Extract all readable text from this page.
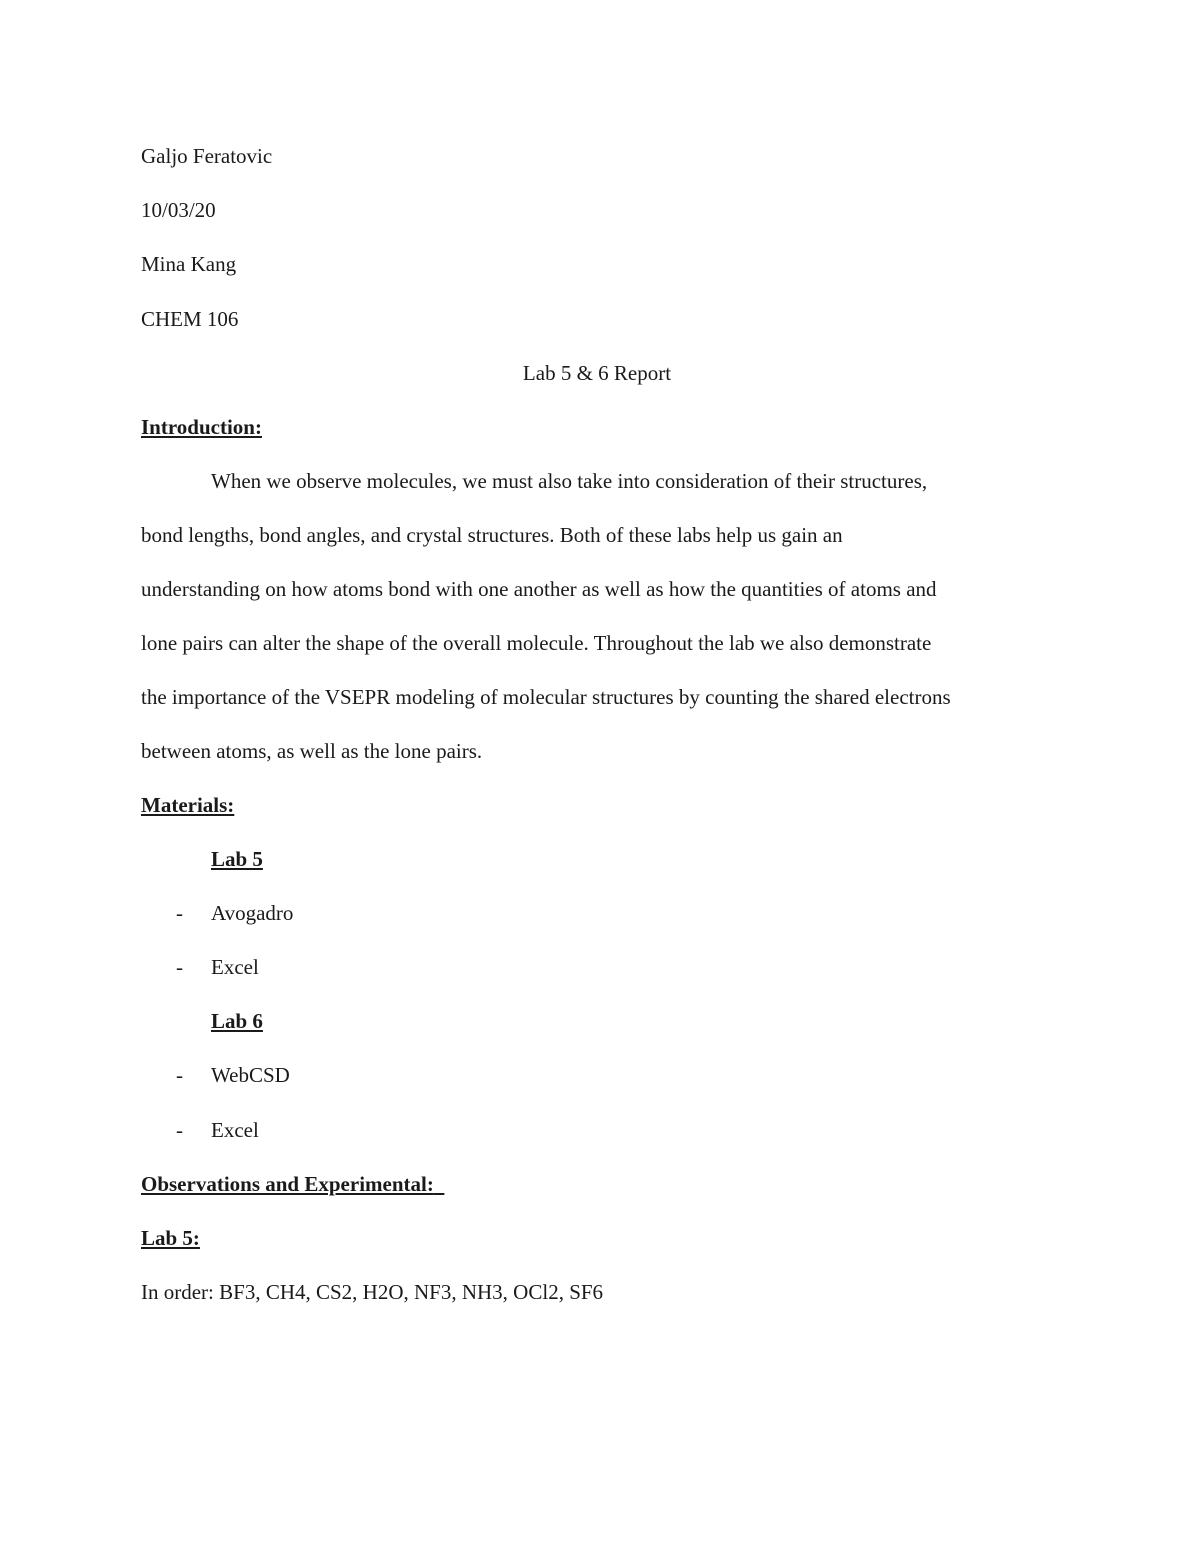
Galjo Feratovic
10/03/20
Mina Kang
CHEM 106
Lab 5 & 6 Report
Introduction:
When we observe molecules, we must also take into consideration of their structures,
bond lengths, bond angles, and crystal structures. Both of these labs help us gain an
understanding on how atoms bond with one another as well as how the quantities of atoms and
lone pairs can alter the shape of the overall molecule. Throughout the lab we also demonstrate
the importance of the VSEPR modeling of molecular structures by counting the shared electrons
between atoms, as well as the lone pairs.
Materials:
Lab 5
- Avogadro
- Excel
Lab 6
- WebCSD
- Excel
Observations and Experimental:
Lab 5:
In order: BF3, CH4, CS2, H2O, NF3, NH3, OCl2, SF6
